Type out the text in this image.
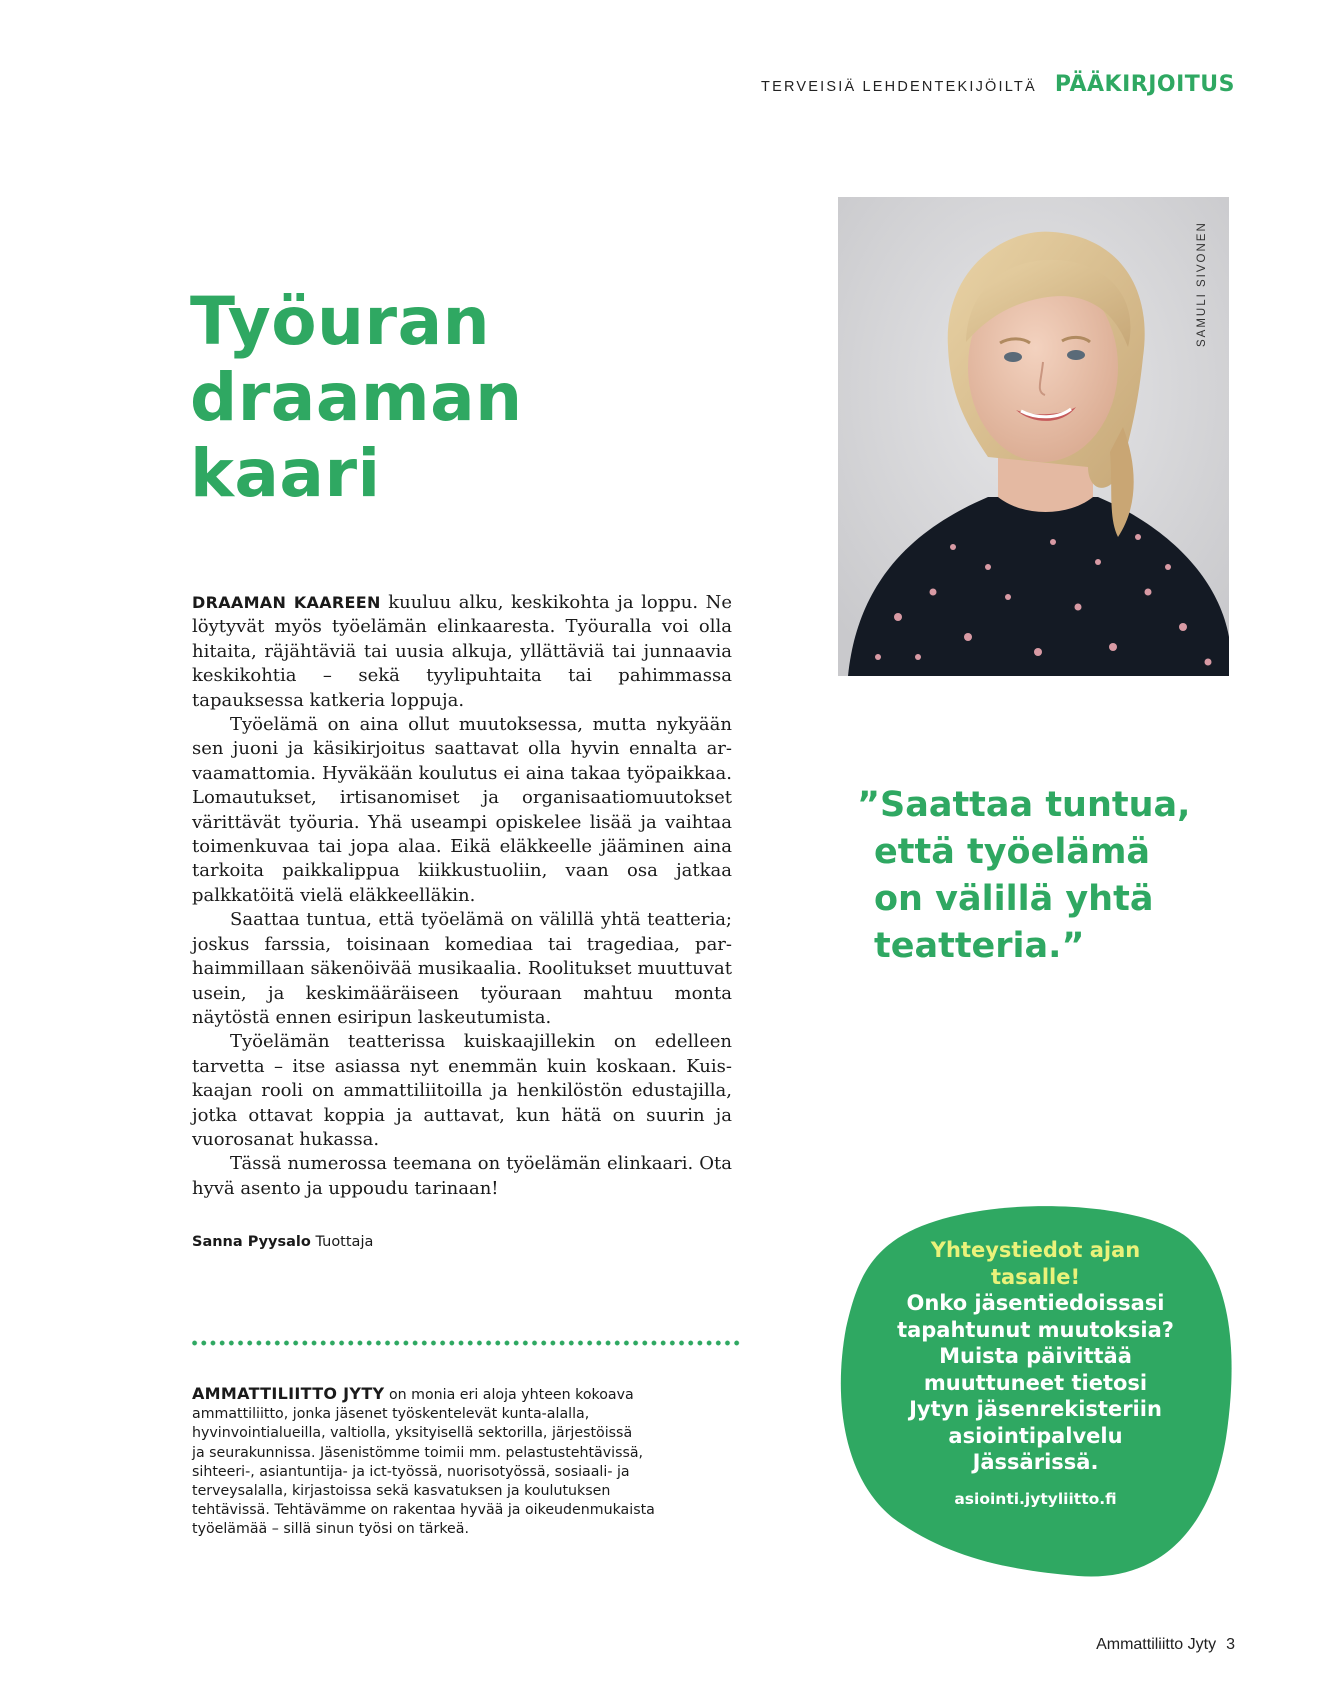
TERVEISIÄ LEHDENTEKIJÖILTÄ PÄÄKIRJOITUS
SAMULI SIVONEN
Työuran
draaman
kaari

DRAAMAN KAAREEN kuuluu alku, keskikohta ja loppu. Ne löytyvät myös työelämän elinkaaresta. Työuralla voi olla hitaita, räjähtäviä tai uusia alkuja, yllättäviä tai junnaavia keskikohtia – sekä tyylipuhtaita tai pahimmassa tapauksessa katkeria loppuja.

Työelämä on aina ollut muutoksessa, mutta nykyään sen juoni ja käsikirjoitus saattavat olla hyvin ennalta arvaamattomia. Hyväkään koulutus ei aina takaa työpaikkaa. Lomautukset, irtisanomiset ja organisaatiomuutokset värittävät työuria. Yhä useampi opiskelee lisää ja vaihtaa toimenkuvaa tai jopa alaa. Eikä eläkkeelle jääminen aina tarkoita paikkalippua kiikkustuoliin, vaan osa jatkaa palkkatöitä vielä eläkkeelläkin.

Saattaa tuntua, että työelämä on välillä yhtä teatteria; joskus farssia, toisinaan komediaa tai tragediaa, parhaimmillaan säkenöivää musikaalia. Roolitukset muuttuvat usein, ja keskimääräiseen työuraan mahtuu monta näytöstä ennen esiripun laskeutumista.

Työelämän teatterissa kuiskaajillekin on edelleen tarvetta – itse asiassa nyt enemmän kuin koskaan. Kuiskaajan rooli on ammattiliitoilla ja henkilöstön edustajilla, jotka ottavat koppia ja auttavat, kun hätä on suurin ja vuorosanat hukassa.

Tässä numerossa teemana on työelämän elinkaari. Ota hyvä asento ja uppoudu tarinaan!

Sanna Pyysalo Tuottaja
AMMATTILIITTO JYTY on monia eri aloja yhteen kokoava
ammattiliitto, jonka jäsenet työskentelevät kunta-alalla,
hyvinvointialueilla, valtiolla, yksityisellä sektorilla, järjestöissä
ja seurakunnissa. Jäsenistömme toimii mm. pelastustehtävissä,
sihteeri-, asiantuntija- ja ict-työssä, nuorisotyössä, sosiaali- ja
terveysalalla, kirjastoissa sekä kasvatuksen ja koulutuksen
tehtävissä. Tehtävämme on rakentaa hyvää ja oikeudenmukaista
työelämää – sillä sinun työsi on tärkeä.
”Saattaa tuntua,
että työelämä
on välillä yhtä
teatteria.”
Yhteystiedot ajan
tasalle!
Onko jäsentiedoissasi
tapahtunut muutoksia?
Muista päivittää
muuttuneet tietosi
Jytyn jäsenrekisteriin
asiointipalvelu
Jässärissä.
asiointi.jytyliitto.fi
Ammattiliitto Jyty 3
